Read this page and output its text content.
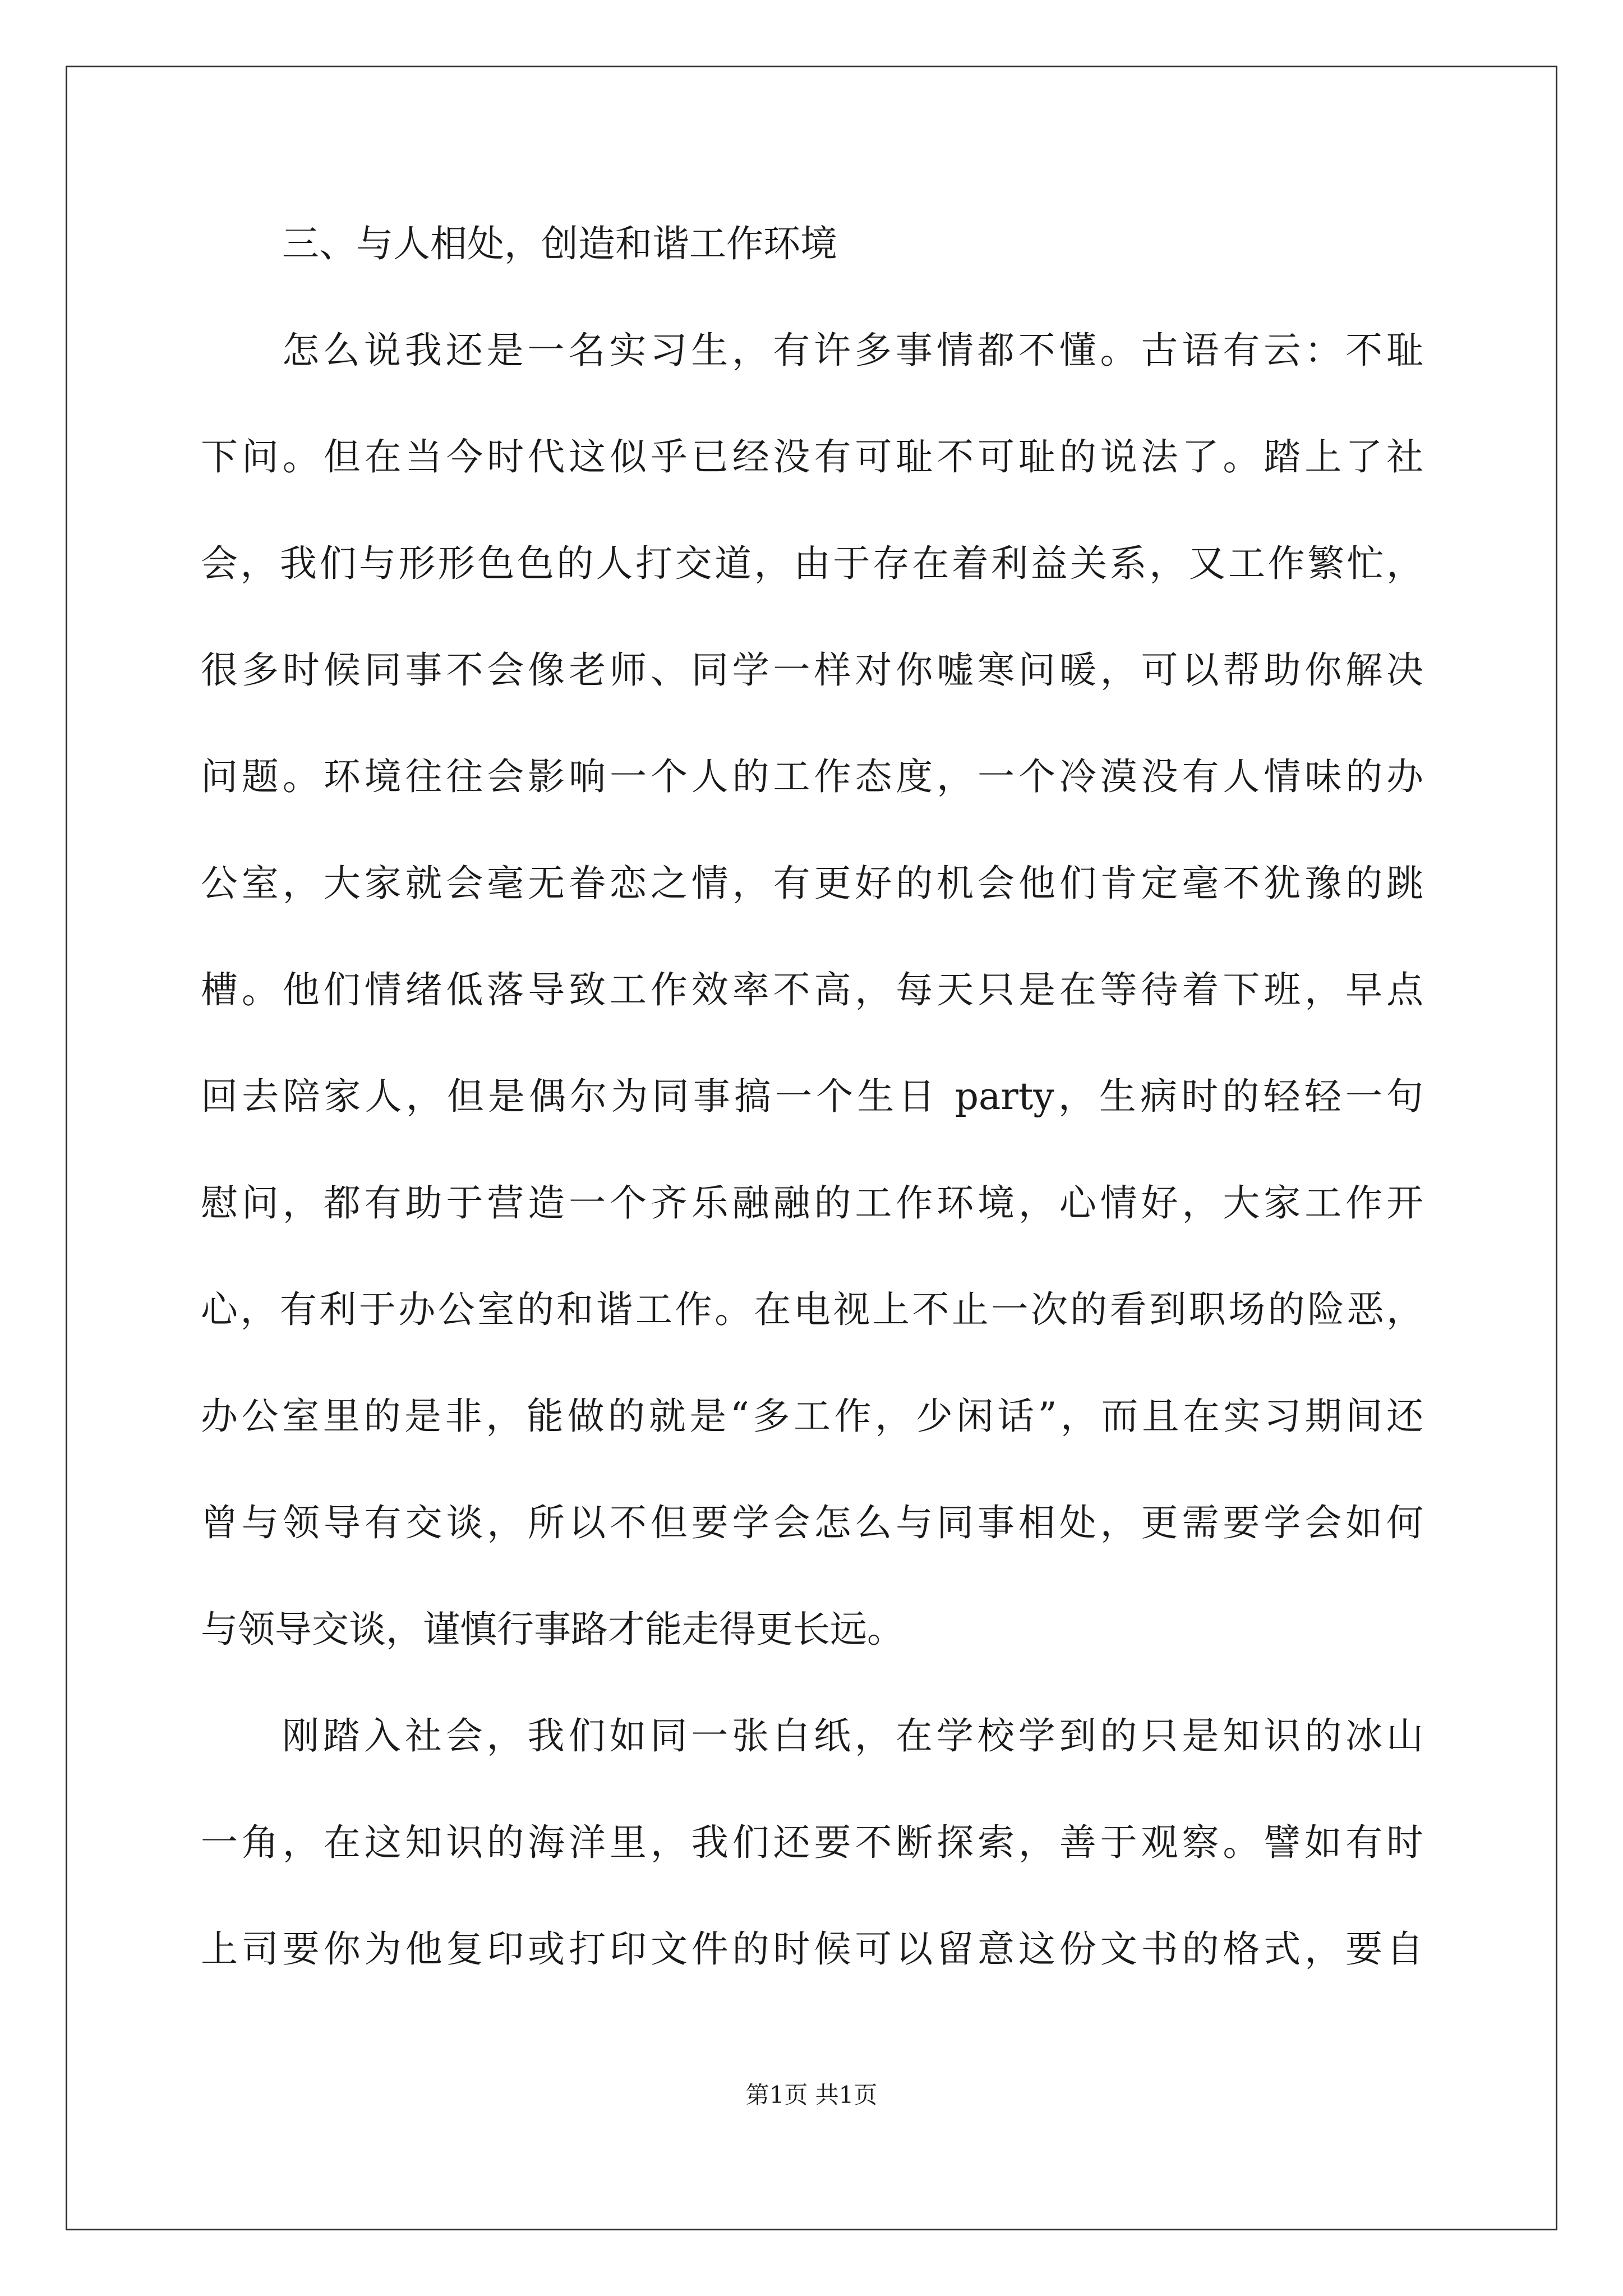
三、与人相处，创造和谐工作环境
怎么说我还是一名实习生，有许多事情都不懂。古语有云：不耻
下问。但在当今时代这似乎已经没有可耻不可耻的说法了。踏上了社
会，我们与形形色色的人打交道，由于存在着利益关系，又工作繁忙，
很多时候同事不会像老师、同学一样对你嘘寒问暖，可以帮助你解决
问题。环境往往会影响一个人的工作态度，一个冷漠没有人情味的办
公室，大家就会毫无眷恋之情，有更好的机会他们肯定毫不犹豫的跳
槽。他们情绪低落导致工作效率不高，每天只是在等待着下班，早点
回去陪家人，但是偶尔为同事搞一个生日 party，生病时的轻轻一句
慰问，都有助于营造一个齐乐融融的工作环境，心情好，大家工作开
心，有利于办公室的和谐工作。在电视上不止一次的看到职场的险恶，
办公室里的是非，能做的就是“多工作，少闲话”，而且在实习期间还
曾与领导有交谈，所以不但要学会怎么与同事相处，更需要学会如何
与领导交谈，谨慎行事路才能走得更长远。
刚踏入社会，我们如同一张白纸，在学校学到的只是知识的冰山
一角，在这知识的海洋里，我们还要不断探索，善于观察。譬如有时
上司要你为他复印或打印文件的时候可以留意这份文书的格式，要自
第1页 共1页
